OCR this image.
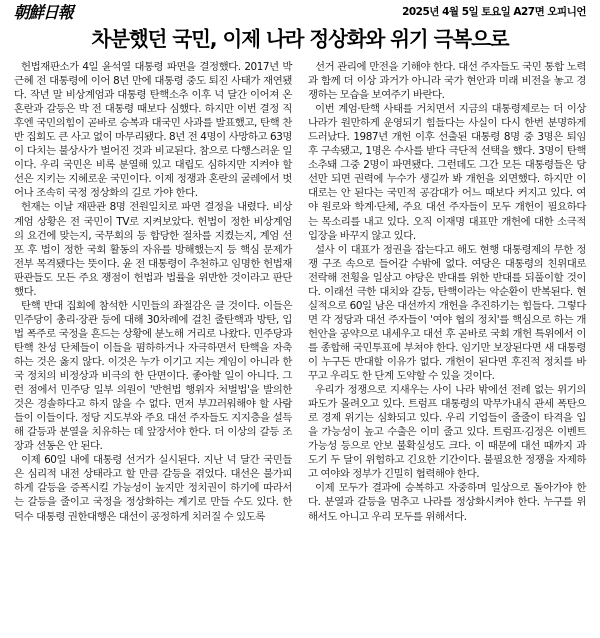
朝鮮日報	2025년 4월 5일 토요일 A27면 오피니언
차분했던 국민, 이제 나라 정상화와 위기 극복으로

헌법재판소가 4일 윤석열 대통령 파면을 결정했다. 2017년 박근혜 전 대통령에 이어 8년 만에 대통령 중도 퇴진 사태가 재연됐다. 작년 말 비상계엄과 대통령 탄핵소추 이후 넉 달간 이어져 온 혼란과 갈등은 박 전 대통령 때보다 심했다. 하지만 이번 결정 직후엔 국민의힘이 곧바로 승복과 대국민 사과를 발표했고, 탄핵 찬반 집회도 큰 사고 없이 마무리됐다. 8년 전 4명이 사망하고 63명이 다치는 불상사가 벌어진 것과 비교된다. 참으로 다행스러운 일이다. 우리 국민은 비록 분열해 있고 대립도 심하지만 지켜야 할 선은 지키는 지혜로운 국민이다. 이제 정쟁과 혼란의 굴레에서 벗어나 조속히 국정 정상화의 길로 가야 한다.

헌재는 이날 재판관 8명 전원일치로 파면 결정을 내렸다. 비상계엄 상황은 전 국민이 TV로 지켜보았다. 헌법이 정한 비상계엄의 요건에 맞는지, 국무회의 등 합당한 절차를 지켰는지, 계엄 선포 후 법이 정한 국회 활동의 자유를 방해했는지 등 핵심 문제가 전부 목격됐다는 뜻이다. 윤 전 대통령이 추천하고 임명한 헌법재판관들도 모든 주요 쟁점이 헌법과 법률을 위반한 것이라고 판단했다.

탄핵 반대 집회에 참석한 시민들의 좌절감은 클 것이다. 이들은 민주당이 총리·장관 등에 대해 30차례에 걸친 줄탄핵과 방탄, 입법 폭주로 국정을 흔드는 상황에 분노해 거리로 나왔다. 민주당과 탄핵 찬성 단체들이 이들을 폄하하거나 자극하면서 탄핵을 자축하는 것은 옳지 않다. 이것은 누가 이기고 지는 게임이 아니라 한국 정치의 비정상과 비극의 한 단면이다. 좋아할 일이 아니다. 그런 점에서 민주당 일부 의원이 '반헌법 행위자 처벌법'을 발의한 것은 경솔하다고 하지 않을 수 없다. 먼저 부끄러워해야 할 사람들이 이들이다. 정당 지도부와 주요 대선 주자들도 지지층을 설득해 갈등과 분열을 치유하는 데 앞장서야 한다. 더 이상의 갈등 조장과 선동은 안 된다.

이제 60일 내에 대통령 선거가 실시된다. 지난 넉 달간 국민들은 심리적 내전 상태라고 할 만큼 갈등을 겪었다. 대선은 불가피하게 갈등을 증폭시킬 가능성이 높지만 정치권이 하기에 따라서는 갈등을 줄이고 국정을 정상화하는 계기로 만들 수도 있다. 한덕수 대통령 권한대행은 대선이 공정하게 치러질 수 있도록

선거 관리에 만전을 기해야 한다. 대선 주자들도 국민 통합 노력과 함께 더 이상 과거가 아니라 국가 현안과 미래 비전을 놓고 경쟁하는 모습을 보여주기 바란다.

이번 계엄·탄핵 사태를 거치면서 지금의 대통령제로는 더 이상 나라가 원만하게 운영되기 힘들다는 사실이 다시 한번 분명하게 드러났다. 1987년 개헌 이후 선출된 대통령 8명 중 3명은 퇴임 후 구속됐고, 1명은 수사를 받다 극단적 선택을 했다. 3명이 탄핵소추돼 그중 2명이 파면됐다. 그런데도 그간 모든 대통령들은 당선만 되면 권력에 누수가 생길까 봐 개헌을 외면했다. 하지만 이대로는 안 된다는 국민적 공감대가 어느 때보다 커지고 있다. 여야 원로와 학계·단체, 주요 대선 주자들이 모두 개헌이 필요하다는 목소리를 내고 있다. 오직 이재명 대표만 개헌에 대한 소극적 입장을 바꾸지 않고 있다.

설사 이 대표가 정권을 잡는다고 해도 현행 대통령제의 무한 정쟁 구조 속으로 들어갈 수밖에 없다. 여당은 대통령의 친위대로 전락해 전횡을 일삼고 야당은 반대를 위한 반대를 되풀이할 것이다. 이래선 극한 대치와 갈등, 탄핵이라는 악순환이 반복된다. 현실적으로 60일 남은 대선까지 개헌을 추진하기는 힘들다. 그렇다면 각 정당과 대선 주자들이 '여야 협의 정치'를 핵심으로 하는 개헌안을 공약으로 내세우고 대선 후 곧바로 국회 개헌 특위에서 이를 종합해 국민투표에 부쳐야 한다. 임기만 보장된다면 새 대통령이 누구든 반대할 이유가 없다. 개헌이 된다면 후진적 정치를 바꾸고 우리도 한 단계 도약할 수 있을 것이다.

우리가 정쟁으로 지새우는 사이 나라 밖에선 전례 없는 위기의 파도가 몰려오고 있다. 트럼프 대통령의 막무가내식 관세 폭탄으로 경제 위기는 심화되고 있다. 우리 기업들이 줄줄이 타격을 입을 가능성이 높고 수출은 이미 줄고 있다. 트럼프·김정은 이벤트 가능성 등으로 안보 불확실성도 크다. 이 때문에 대선 때까지 과도기 두 달이 위험하고 긴요한 기간이다. 불필요한 정쟁을 자제하고 여야와 정부가 긴밀히 협력해야 한다.

이제 모두가 결과에 승복하고 자중하며 일상으로 돌아가야 한다. 분열과 갈등을 멈추고 나라를 정상화시켜야 한다. 누구를 위해서도 아니고 우리 모두를 위해서다.
